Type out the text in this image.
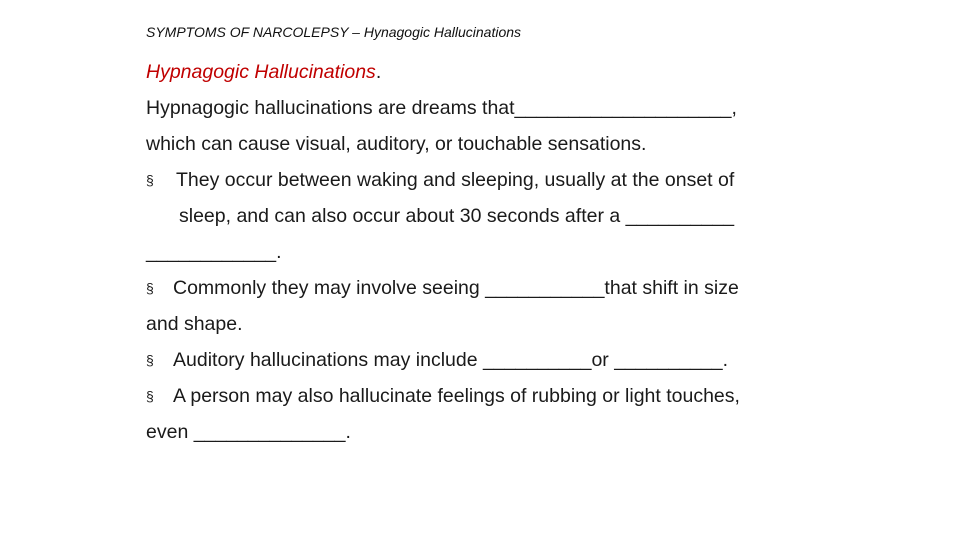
SYMPTOMS OF NARCOLEPSY – Hynagogic Hallucinations
Hypnagogic Hallucinations.
Hypnagogic hallucinations are dreams that____________________,
which can cause visual, auditory, or touchable sensations.
§ They occur between waking and sleeping, usually at the onset of
sleep, and can also occur about 30 seconds after a __________
____________.
§ Commonly they may involve seeing ___________that shift in size
and shape.
§ Auditory hallucinations may include __________or __________.
§ A person may also hallucinate feelings of rubbing or light touches,
even ______________.
